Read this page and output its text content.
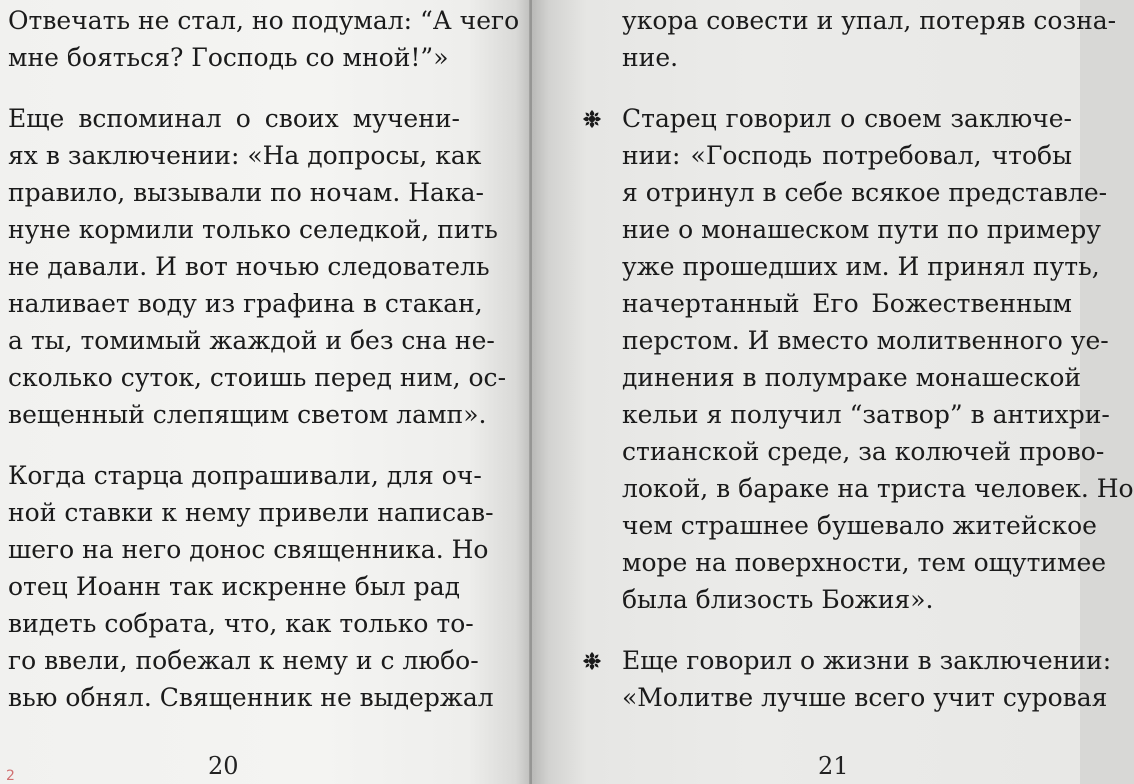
Отвечать не стал, но подумал: “А чего
мне бояться? Господь со мной!”»
Еще вспоминал о своих мучени-
ях в заключении: «На допросы, как
правило, вызывали по ночам. Нака-
нуне кормили только селедкой, пить
не давали. И вот ночью следователь
наливает воду из графина в стакан,
а ты, томимый жаждой и без сна не-
сколько суток, стоишь перед ним, ос-
вещенный слепящим светом ламп».
Когда старца допрашивали, для оч-
ной ставки к нему привели написав-
шего на него донос священника. Но
отец Иоанн так искренне был рад
видеть собрата, что, как только то-
го ввели, побежал к нему и с любо-
вью обнял. Священник не выдержал
20
2
укора совести и упал, потеряв созна-
ние.
Старец говорил о своем заключе-
нии: «Господь потребовал, чтобы
я отринул в себе всякое представле-
ние о монашеском пути по примеру
уже прошедших им. И принял путь,
начертанный Его Божественным
перстом. И вместо молитвенного уе-
динения в полумраке монашеской
кельи я получил “затвор” в антихри-
стианской среде, за колючей прово-
локой, в бараке на триста человек. Но
чем страшнее бушевало житейское
море на поверхности, тем ощутимее
была близость Божия».
Еще говорил о жизни в заключении:
«Молитве лучше всего учит суровая
21
